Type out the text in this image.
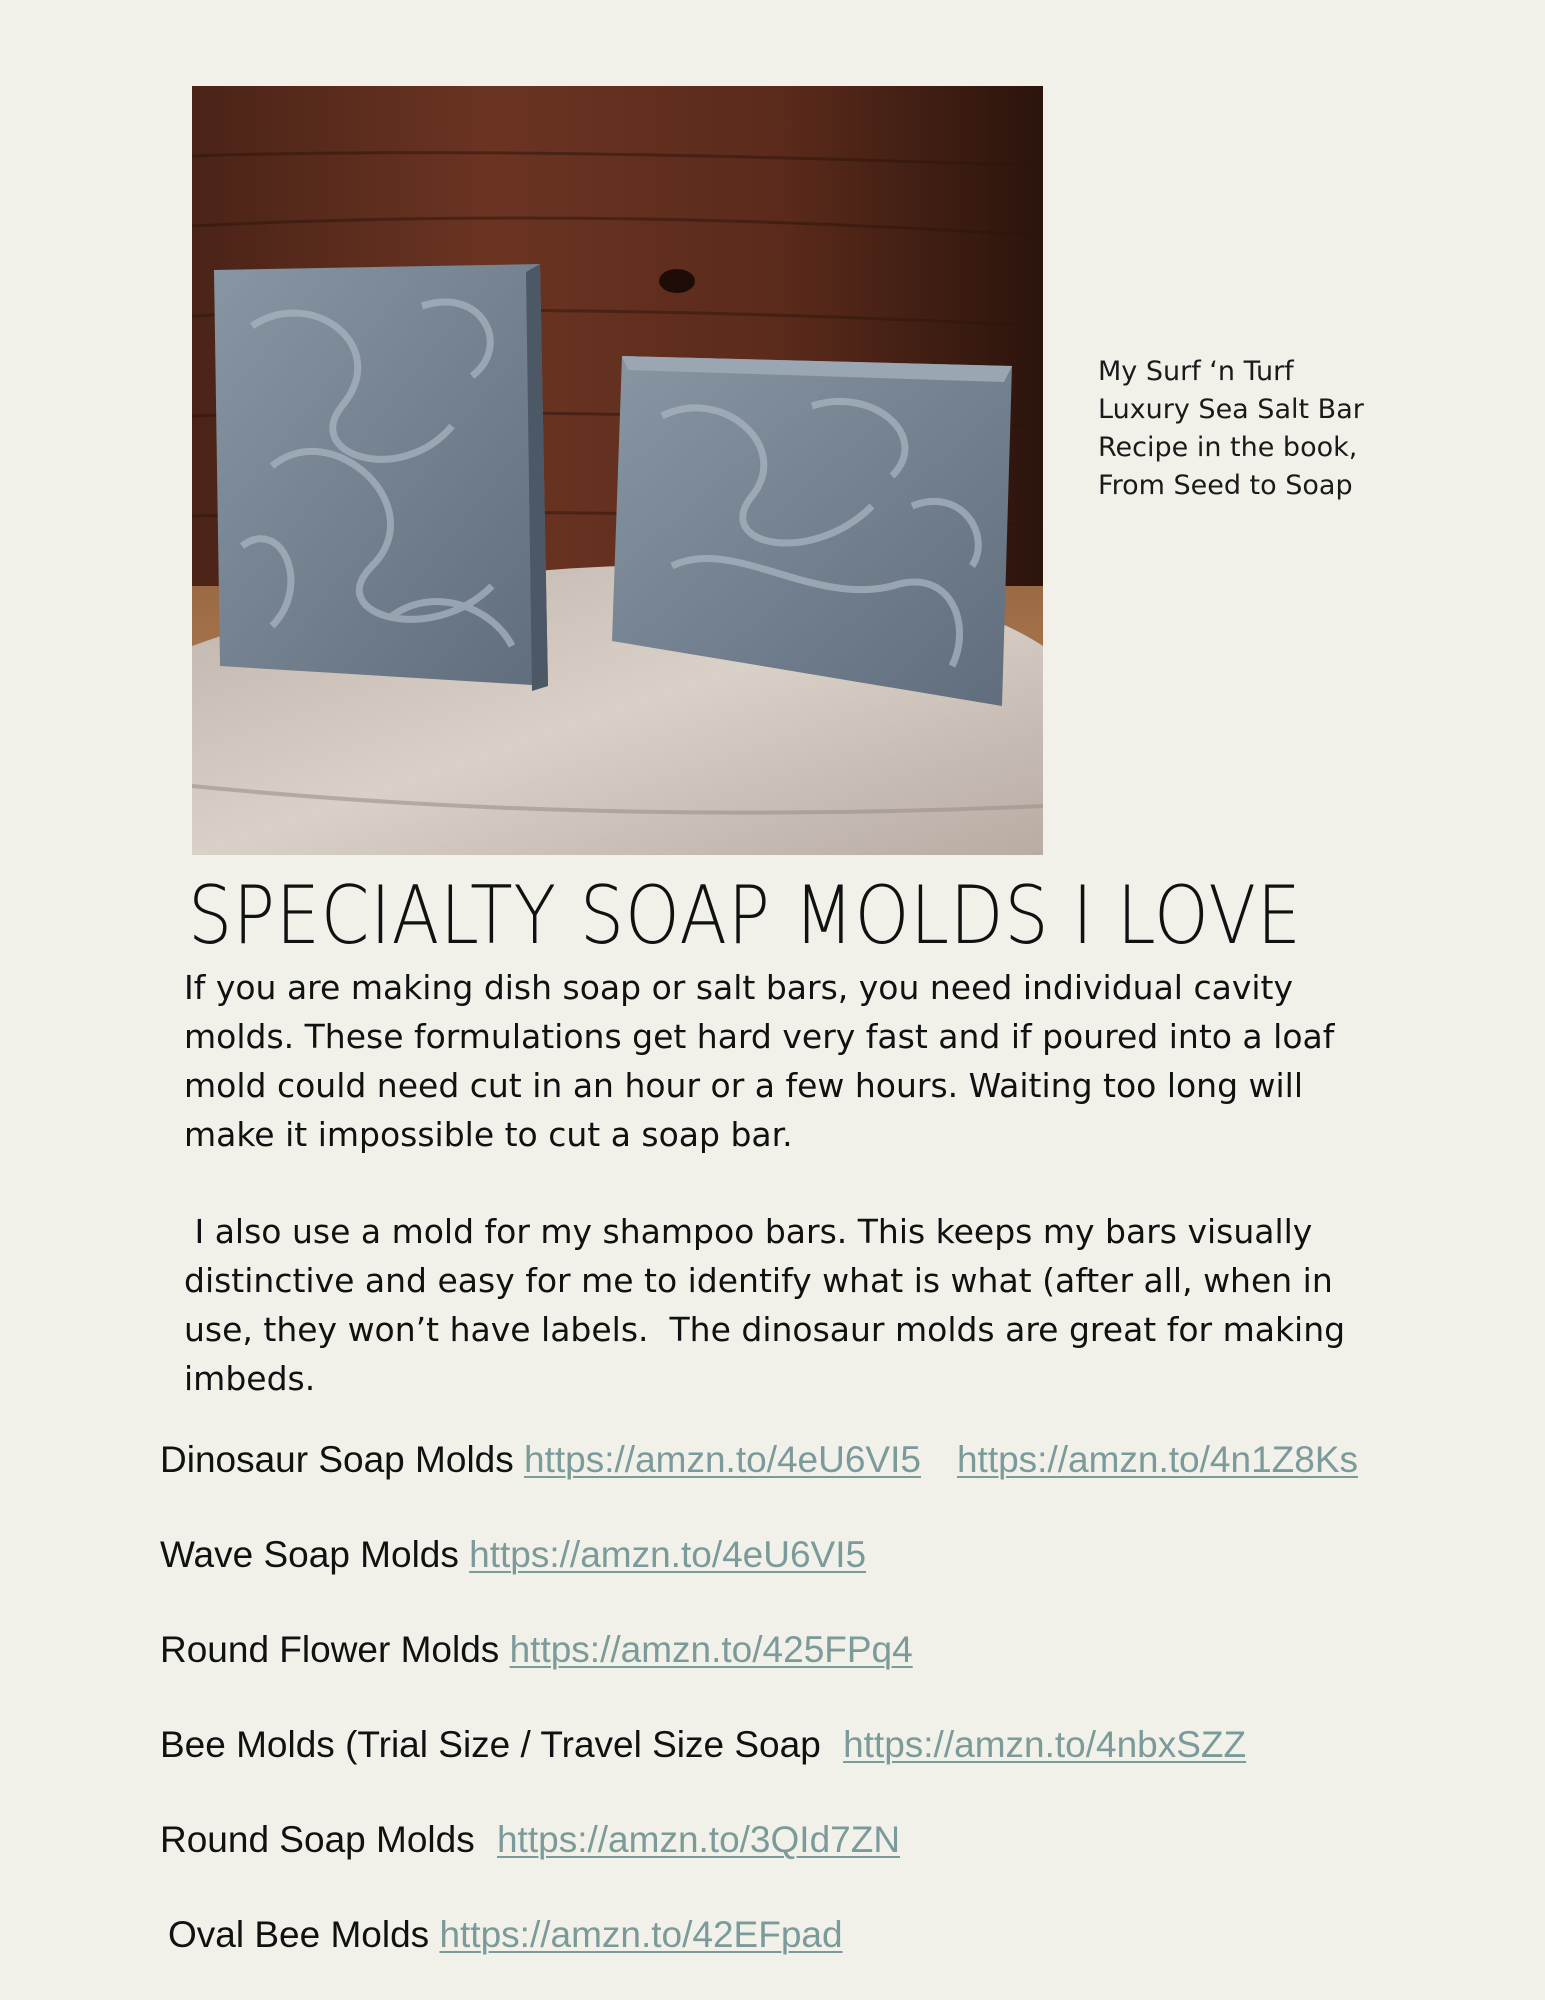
My Surf ‘n Turf
Luxury Sea Salt Bar
Recipe in the book,
From Seed to Soap
SPECIALTY SOAP MOLDS I LOVE
If you are making dish soap or salt bars, you need individual cavity
molds. These formulations get hard very fast and if poured into a loaf
mold could need cut in an hour or a few hours. Waiting too long will
make it impossible to cut a soap bar.
I also use a mold for my shampoo bars. This keeps my bars visually
distinctive and easy for me to identify what is what (after all, when in
use, they won’t have labels.  The dinosaur molds are great for making
imbeds.
Dinosaur Soap Molds https://amzn.to/4eU6VI5 https://amzn.to/4n1Z8Ks
Wave Soap Molds https://amzn.to/4eU6VI5
Round Flower Molds https://amzn.to/425FPq4
Bee Molds (Trial Size / Travel Size Soap https://amzn.to/4nbxSZZ
Round Soap Molds https://amzn.to/3QId7ZN
Oval Bee Molds https://amzn.to/42EFpad
